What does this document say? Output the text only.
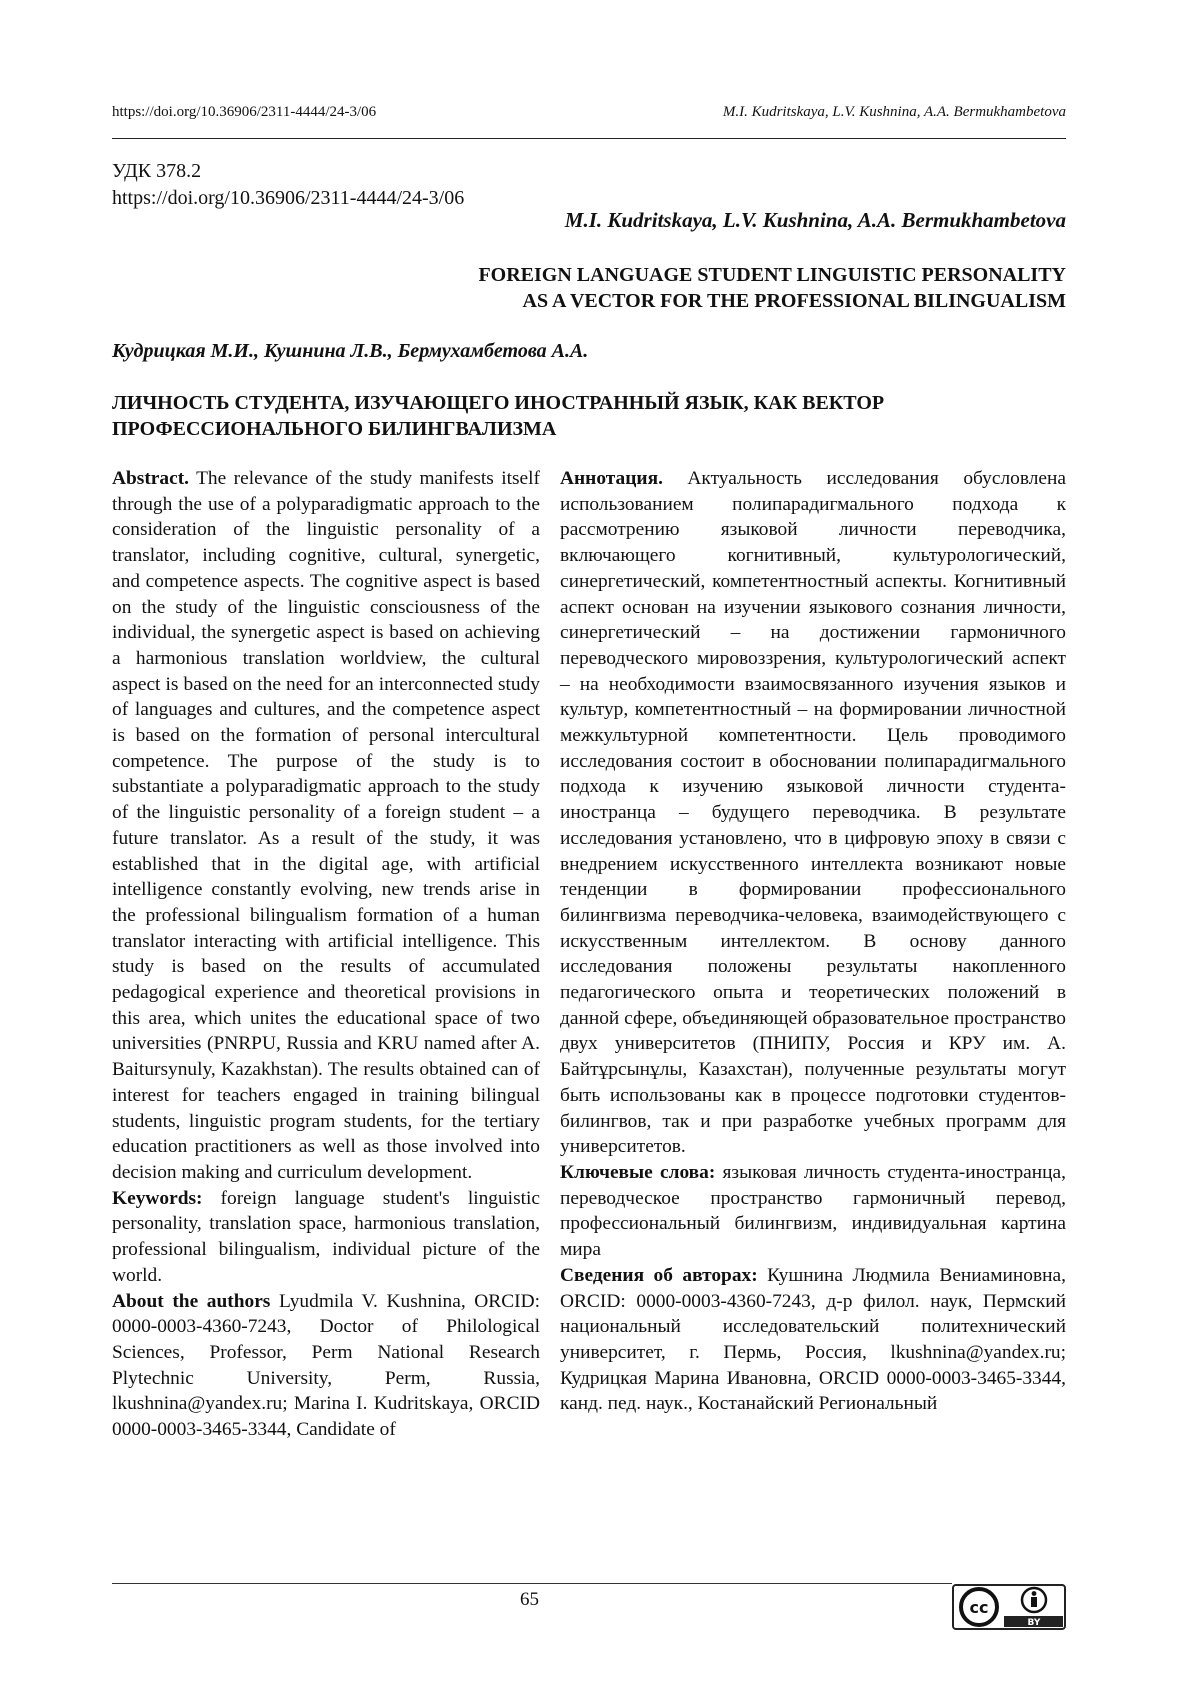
https://doi.org/10.36906/2311-4444/24-3/06	M.I. Kudritskaya, L.V. Kushnina, A.A. Bermukhambetova
УДК 378.2
https://doi.org/10.36906/2311-4444/24-3/06
M.I. Kudritskaya, L.V. Kushnina, A.A. Bermukhambetova
FOREIGN LANGUAGE STUDENT LINGUISTIC PERSONALITY
AS A VECTOR FOR THE PROFESSIONAL BILINGUALISM
Кудрицкая М.И., Кушнина Л.В., Бермухамбетова А.А.
ЛИЧНОСТЬ СТУДЕНТА, ИЗУЧАЮЩЕГО ИНОСТРАННЫЙ ЯЗЫК, КАК ВЕКТОР
ПРОФЕССИОНАЛЬНОГО БИЛИНГВАЛИЗМА

Abstract. The relevance of the study manifests itself through the use of a polyparadigmatic approach to the consideration of the linguistic personality of a translator, including cognitive, cultural, synergetic, and competence aspects. The cognitive aspect is based on the study of the linguistic consciousness of the individual, the synergetic aspect is based on achieving a harmonious translation worldview, the cultural aspect is based on the need for an interconnected study of languages and cultures, and the competence aspect is based on the formation of personal intercultural competence. The purpose of the study is to substantiate a polyparadigmatic approach to the study of the linguistic personality of a foreign student – a future translator. As a result of the study, it was established that in the digital age, with artificial intelligence constantly evolving, new trends arise in the professional bilingualism formation of a human translator interacting with artificial intelligence. This study is based on the results of accumulated pedagogical experience and theoretical provisions in this area, which unites the educational space of two universities (PNRPU, Russia and KRU named after A. Baitursynuly, Kazakhstan). The results obtained can of interest for teachers engaged in training bilingual students, linguistic program students, for the tertiary education practitioners as well as those involved into decision making and curriculum development.

Keywords: foreign language student's linguistic personality, translation space, harmonious translation, professional bilingualism, individual picture of the world.

About the authors Lyudmila V. Kushnina, ORCID: 0000-0003-4360-7243, Doctor of Philological Sciences, Professor, Perm National Research Plytechnic University, Perm, Russia, lkushnina@yandex.ru; Marina I. Kudritskaya, ORCID 0000-0003-3465-3344, Candidate of

Аннотация. Актуальность исследования обусловлена использованием полипарадигмального подхода к рассмотрению языковой личности переводчика, включающего когнитивный, культурологический, синергетический, компетентностный аспекты. Когнитивный аспект основан на изучении языкового сознания личности, синергетический – на достижении гармоничного переводческого мировоззрения, культурологический аспект – на необходимости взаимосвязанного изучения языков и культур, компетентностный – на формировании личностной межкультурной компетентности. Цель проводимого исследования состоит в обосновании полипарадигмального подхода к изучению языковой личности студента-иностранца – будущего переводчика. В результате исследования установлено, что в цифровую эпоху в связи с внедрением искусственного интеллекта возникают новые тенденции в формировании профессионального билингвизма переводчика-человека, взаимодействующего с искусственным интеллектом. В основу данного исследования положены результаты накопленного педагогического опыта и теоретических положений в данной сфере, объединяющей образовательное пространство двух университетов (ПНИПУ, Россия и КРУ им. А. Байтұрсынұлы, Казахстан), полученные результаты могут быть использованы как в процессе подготовки студентов-билингвов, так и при разработке учебных программ для университетов.

Ключевые слова: языковая личность студента-иностранца, переводческое пространство гармоничный перевод, профессиональный билингвизм, индивидуальная картина мира

Сведения об авторах: Кушнина Людмила Вениаминовна, ORCID: 0000-0003-4360-7243, д-р филол. наук, Пермский национальный исследовательский политехнический университет, г. Пермь, Россия, lkushnina@yandex.ru; Кудрицкая Марина Ивановна, ORCID 0000-0003-3465-3344, канд. пед. наук., Костанайский Региональный

65	cc
BY
